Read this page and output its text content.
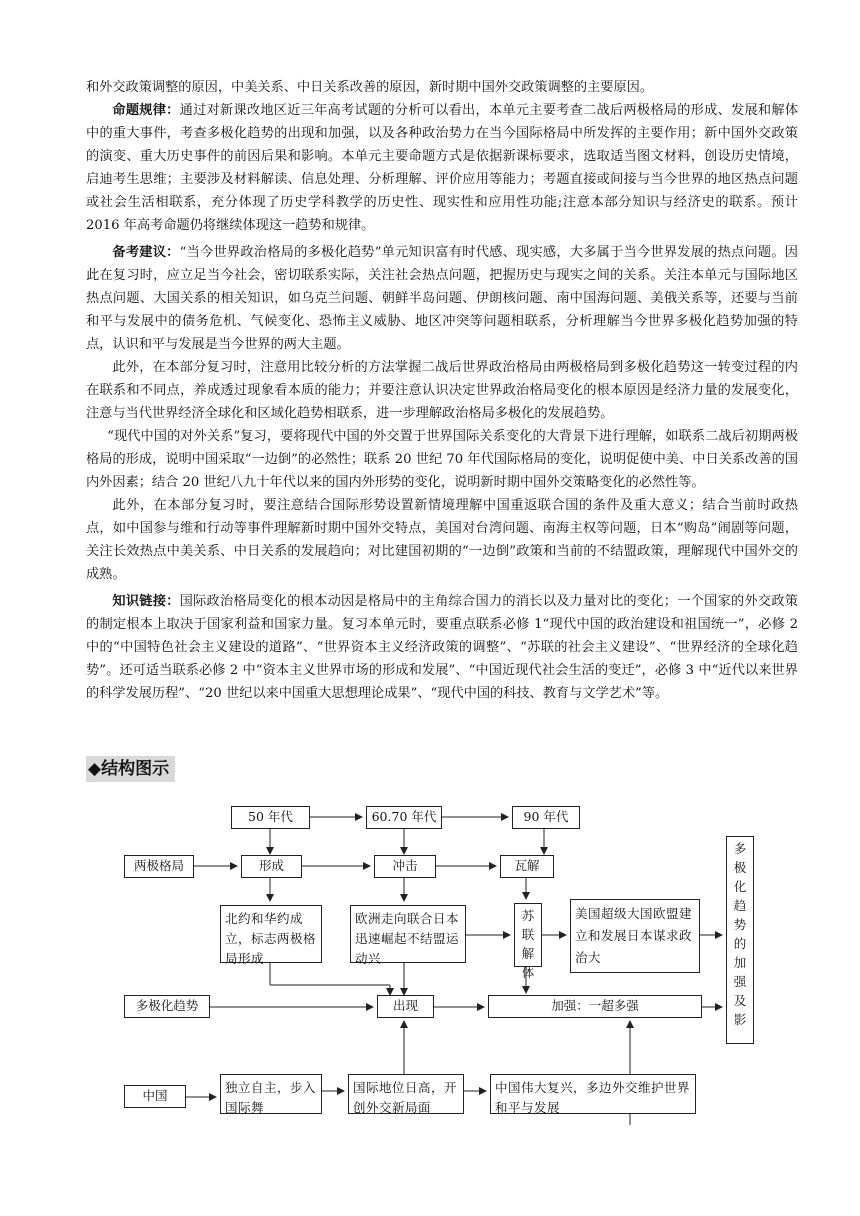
和外交政策调整的原因，中美关系、中日关系改善的原因，新时期中国外交政策调整的主要原因。

命题规律：通过对新课改地区近三年高考试题的分析可以看出，本单元主要考查二战后两极格局的形成、发展和解体中的重大事件，考查多极化趋势的出现和加强，以及各种政治势力在当今国际格局中所发挥的主要作用；新中国外交政策的演变、重大历史事件的前因后果和影响。本单元主要命题方式是依据新课标要求，选取适当图文材料，创设历史情境，启迪考生思维；主要涉及材料解读、信息处理、分析理解、评价应用等能力；考题直接或间接与当今世界的地区热点问题或社会生活相联系，充分体现了历史学科教学的历史性、现实性和应用性功能;注意本部分知识与经济史的联系。预计 2016 年高考命题仍将继续体现这一趋势和规律。

备考建议：“当今世界政治格局的多极化趋势”单元知识富有时代感、现实感，大多属于当今世界发展的热点问题。因此在复习时，应立足当今社会，密切联系实际，关注社会热点问题，把握历史与现实之间的关系。关注本单元与国际地区热点问题、大国关系的相关知识，如乌克兰问题、朝鲜半岛问题、伊朗核问题、南中国海问题、美俄关系等，还要与当前和平与发展中的债务危机、气候变化、恐怖主义威胁、地区冲突等问题相联系，分析理解当今世界多极化趋势加强的特点，认识和平与发展是当今世界的两大主题。

此外，在本部分复习时，注意用比较分析的方法掌握二战后世界政治格局由两极格局到多极化趋势这一转变过程的内在联系和不同点，养成透过现象看本质的能力；并要注意认识决定世界政治格局变化的根本原因是经济力量的发展变化，注意与当代世界经济全球化和区域化趋势相联系，进一步理解政治格局多极化的发展趋势。

“现代中国的对外关系”复习，要将现代中国的外交置于世界国际关系变化的大背景下进行理解，如联系二战后初期两极格局的形成，说明中国采取“一边倒”的必然性；联系 20 世纪 70 年代国际格局的变化，说明促使中美、中日关系改善的国内外因素；结合 20 世纪八九十年代以来的国内外形势的变化，说明新时期中国外交策略变化的必然性等。

此外，在本部分复习时，要注意结合国际形势设置新情境理解中国重返联合国的条件及重大意义；结合当前时政热点，如中国参与维和行动等事件理解新时期中国外交特点，美国对台湾问题、南海主权等问题，日本“购岛”闹剧等问题，关注长效热点中美关系、中日关系的发展趋向；对比建国初期的“一边倒”政策和当前的不结盟政策，理解现代中国外交的成熟。

知识链接：国际政治格局变化的根本动因是格局中的主角综合国力的消长以及力量对比的变化；一个国家的外交政策的制定根本上取决于国家利益和国家力量。复习本单元时，要重点联系必修 1“现代中国的政治建设和祖国统一”，必修 2 中的“中国特色社会主义建设的道路”、“世界资本主义经济政策的调整”、“苏联的社会主义建设”、“世界经济的全球化趋势”。还可适当联系必修 2 中“资本主义世界市场的形成和发展”、“中国近现代社会生活的变迁”，必修 3 中“近代以来世界的科学发展历程”、“20 世纪以来中国重大思想理论成果”、“现代中国的科技、教育与文学艺术”等。

◆结构图示
50 年代	60.70 年代	90 年代
两极格局	形成	冲击	瓦解
北约和华约成立，标志两极格局形成
欧洲走向联合日本迅速崛起不结盟运动兴
苏联解体
美国超级大国欧盟建立和发展日本谋求政治大
多极化趋势的加强及影
多极化趋势	出现	加强：一超多强
中国
独立自主，步入国际舞
国际地位日高，开创外交新局面
中国伟大复兴，多边外交维护世界和平与发展
